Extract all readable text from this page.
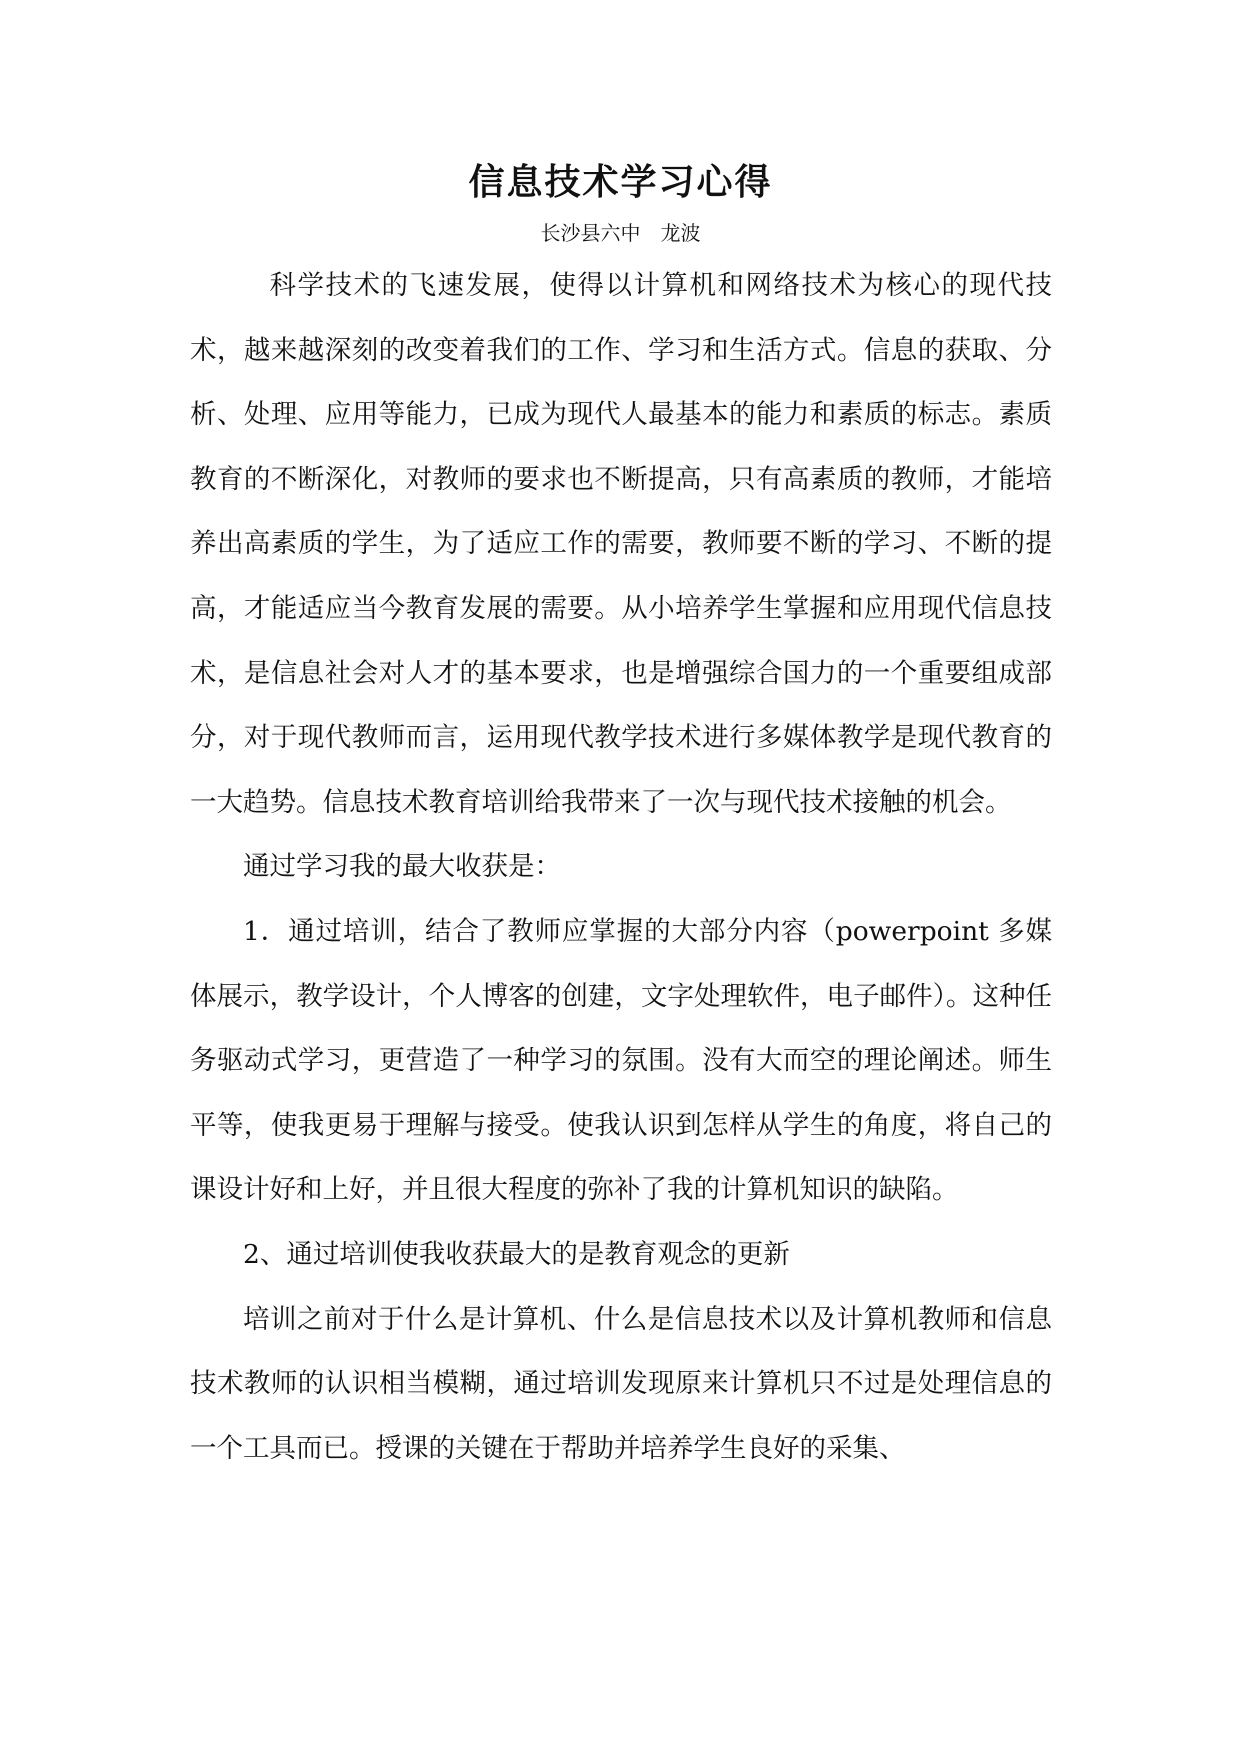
信息技术学习心得
长沙县六中　龙波

科学技术的飞速发展，使得以计算机和网络技术为核心的现代技术，越来越深刻的改变着我们的工作、学习和生活方式。信息的获取、分析、处理、应用等能力，已成为现代人最基本的能力和素质的标志。素质教育的不断深化，对教师的要求也不断提高，只有高素质的教师，才能培养出高素质的学生，为了适应工作的需要，教师要不断的学习、不断的提高，才能适应当今教育发展的需要。从小培养学生掌握和应用现代信息技术，是信息社会对人才的基本要求，也是增强综合国力的一个重要组成部分，对于现代教师而言，运用现代教学技术进行多媒体教学是现代教育的一大趋势。信息技术教育培训给我带来了一次与现代技术接触的机会。

通过学习我的最大收获是：

1．通过培训，结合了教师应掌握的大部分内容（powerpoint 多媒体展示，教学设计，个人博客的创建，文字处理软件，电子邮件）。这种任务驱动式学习，更营造了一种学习的氛围。没有大而空的理论阐述。师生平等，使我更易于理解与接受。使我认识到怎样从学生的角度，将自己的课设计好和上好，并且很大程度的弥补了我的计算机知识的缺陷。

2、通过培训使我收获最大的是教育观念的更新

培训之前对于什么是计算机、什么是信息技术以及计算机教师和信息技术教师的认识相当模糊，通过培训发现原来计算机只不过是处理信息的一个工具而已。授课的关键在于帮助并培养学生良好的采集、
